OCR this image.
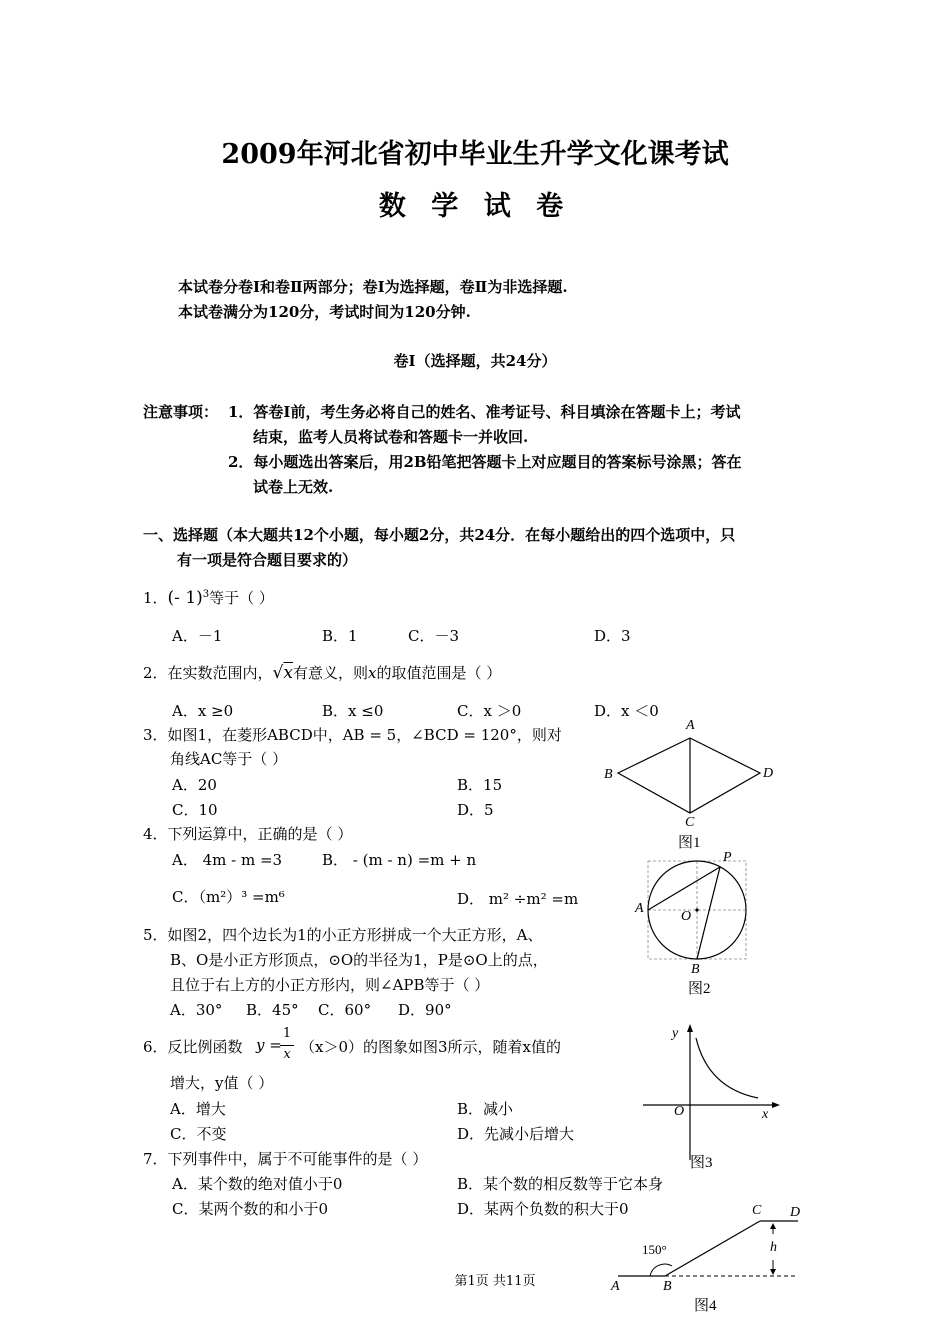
2009年河北省初中毕业生升学文化课考试
数 学 试 卷
本试卷分卷Ⅰ和卷Ⅱ两部分；卷Ⅰ为选择题，卷Ⅱ为非选择题.
本试卷满分为120分，考试时间为120分钟.
卷Ⅰ（选择题，共24分）
注意事项： 1．答卷Ⅰ前，考生务必将自己的姓名、准考证号、科目填涂在答题卡上；考试
结束，监考人员将试卷和答题卡一并收回.
2．每小题选出答案后，用2B铅笔把答题卡上对应题目的答案标号涂黑；答在
试卷上无效.
一、选择题（本大题共12个小题，每小题2分，共24分．在每小题给出的四个选项中，只
有一项是符合题目要求的）
1．(- 1)$^3$等于（ ）
A．－1	B．1	C．－3	D．3
2．在实数范围内，√x有意义，则x的取值范围是（ ）
A．x ≥0	B．x ≤0	C．x ＞0	D．x ＜0
3．如图1，在菱形ABCD中，AB = 5，∠BCD = 120°，则对
角线AC等于（ ）
A．20	B．15
C．10	D．5
4．下列运算中，正确的是（ ）
A． 4m - m =3	B． - (m - n) =m + n
C．（m²）³ =m⁶	D． m² ÷m² =m
5．如图2，四个边长为1的小正方形拼成一个大正方形，A、
B、O是小正方形顶点，⊙O的半径为1，P是⊙O上的点，
且位于右上方的小正方形内，则∠APB等于（ ）
A．30° B．45° C．60° D．90°
6．反比例函数 y =
1
x （x＞0）的图象如图3所示，随着x值的
增大，y值（ ）
A．增大	B．减小
C．不变	D．先减小后增大
7．下列事件中，属于不可能事件的是（ ）
A．某个数的绝对值小于0	B．某个数的相反数等于它本身
C．某两个数的和小于0	D．某两个负数的积大于0
A
B
C
D
图1
P
A
O
B
图2
y
O	x
图3
C D
h
150°
A	B
图4
第1页 共11页
